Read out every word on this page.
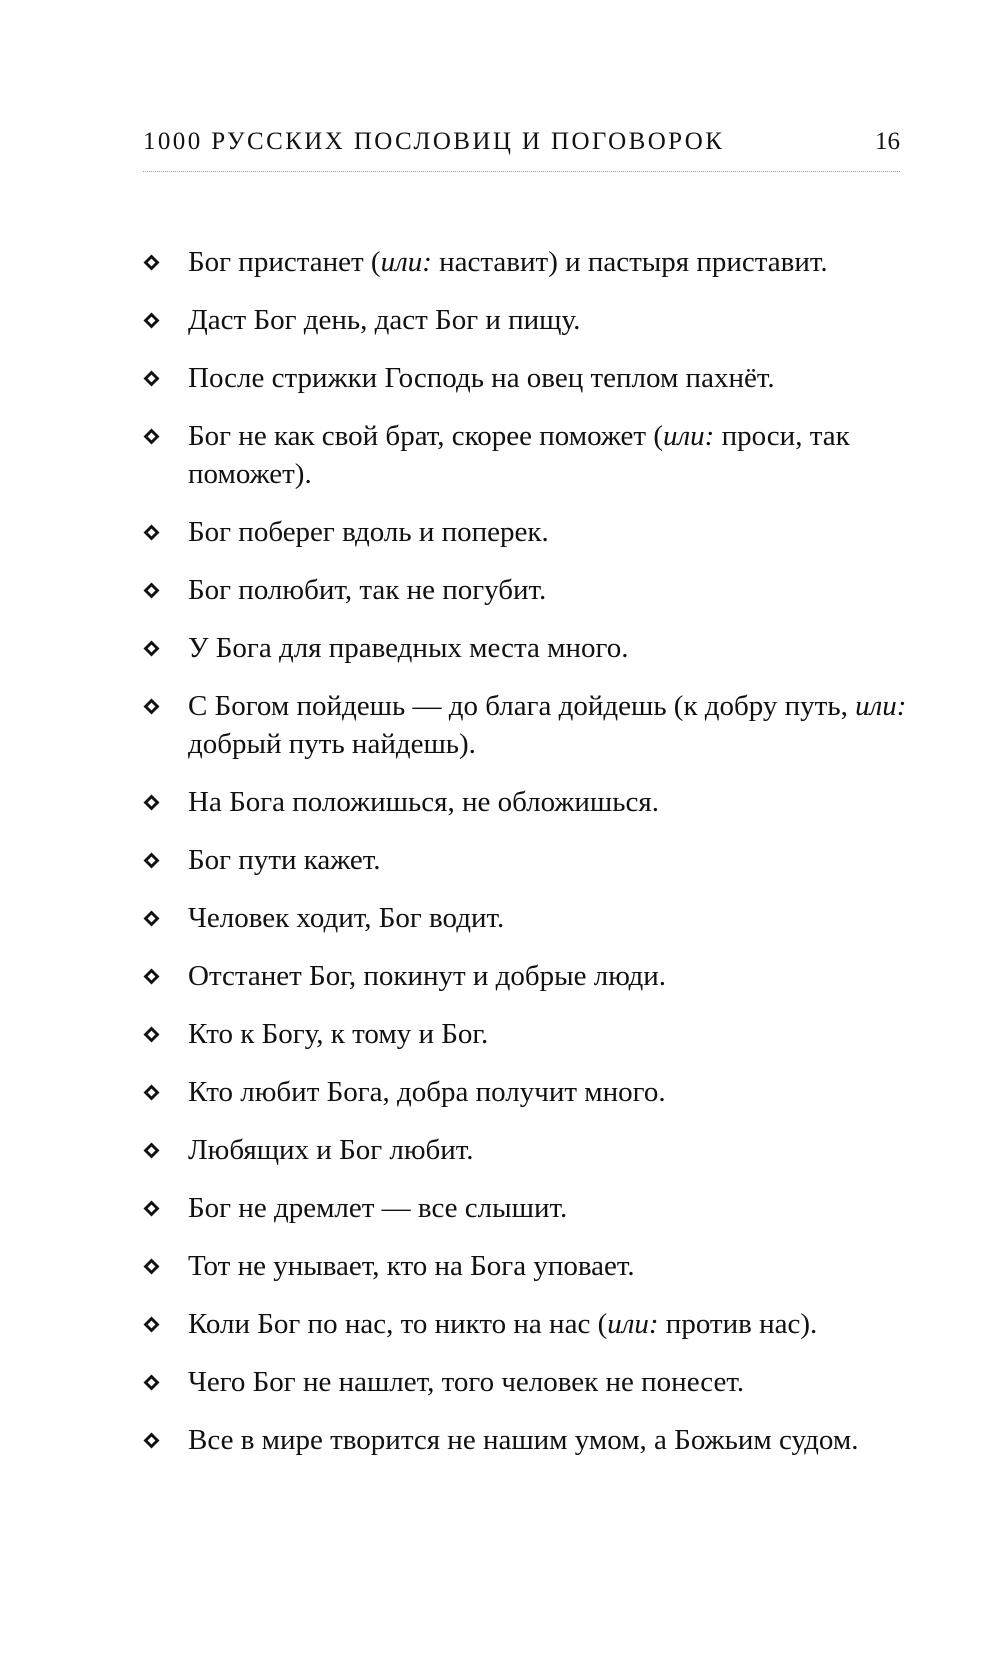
1000 РУССКИХ ПОСЛОВИЦ И ПОГОВОРОК	16
Бог пристанет (или: наставит) и пастыря приставит.
Даст Бог день, даст Бог и пищу.
После стрижки Господь на овец теплом пахнёт.
Бог не как свой брат, скорее поможет (или: проси, так поможет).
Бог поберег вдоль и поперек.
Бог полюбит, так не погубит.
У Бога для праведных места много.
С Богом пойдешь — до блага дойдешь (к добру путь, или: добрый путь найдешь).
На Бога положишься, не обложишься.
Бог пути кажет.
Человек ходит, Бог водит.
Отстанет Бог, покинут и добрые люди.
Кто к Богу, к тому и Бог.
Кто любит Бога, добра получит много.
Любящих и Бог любит.
Бог не дремлет — все слышит.
Тот не унывает, кто на Бога уповает.
Коли Бог по нас, то никто на нас (или: против нас).
Чего Бог не нашлет, того человек не понесет.
Все в мире творится не нашим умом, а Божьим судом.
